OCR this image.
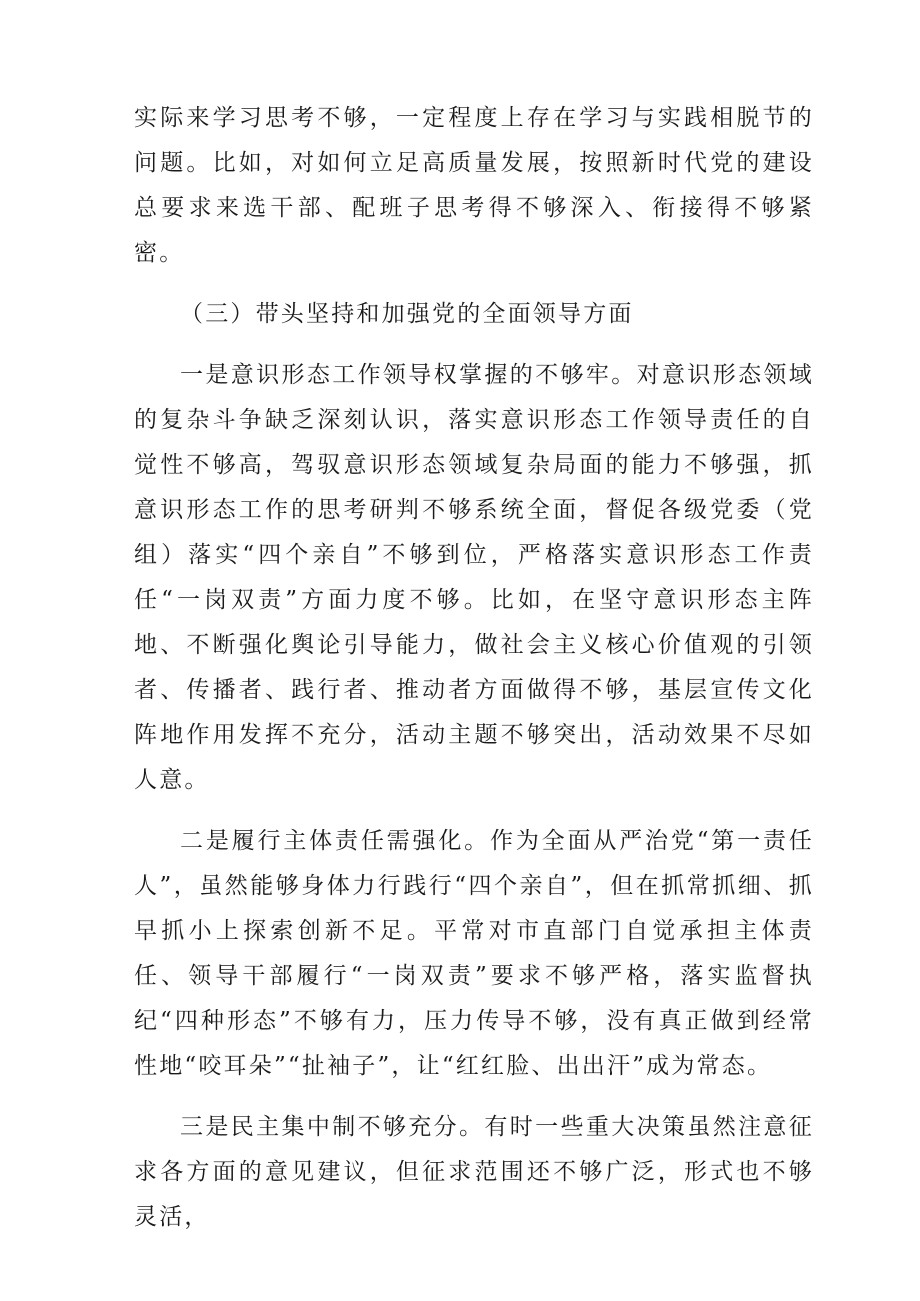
实际来学习思考不够，一定程度上存在学习与实践相脱节的问题。比如，对如何立足高质量发展，按照新时代党的建设总要求来选干部、配班子思考得不够深入、衔接得不够紧密。

（三）带头坚持和加强党的全面领导方面

一是意识形态工作领导权掌握的不够牢。对意识形态领域的复杂斗争缺乏深刻认识，落实意识形态工作领导责任的自觉性不够高，驾驭意识形态领域复杂局面的能力不够强，抓意识形态工作的思考研判不够系统全面，督促各级党委（党组）落实“四个亲自”不够到位，严格落实意识形态工作责任“一岗双责”方面力度不够。比如，在坚守意识形态主阵地、不断强化舆论引导能力，做社会主义核心价值观的引领者、传播者、践行者、推动者方面做得不够，基层宣传文化阵地作用发挥不充分，活动主题不够突出，活动效果不尽如人意。

二是履行主体责任需强化。作为全面从严治党“第一责任人”，虽然能够身体力行践行“四个亲自”，但在抓常抓细、抓早抓小上探索创新不足。平常对市直部门自觉承担主体责任、领导干部履行“一岗双责”要求不够严格，落实监督执纪“四种形态”不够有力，压力传导不够，没有真正做到经常性地“咬耳朵”“扯袖子”，让“红红脸、出出汗”成为常态。

三是民主集中制不够充分。有时一些重大决策虽然注意征求各方面的意见建议，但征求范围还不够广泛，形式也不够灵活，
